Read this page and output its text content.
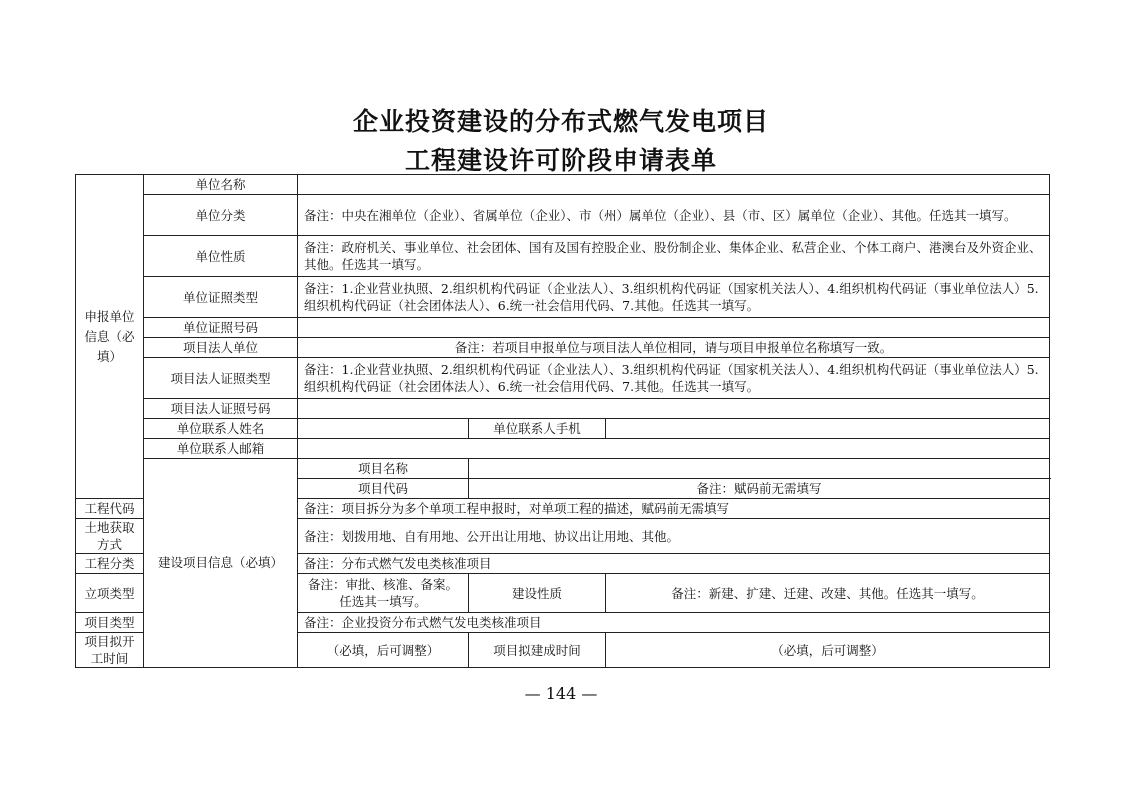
企业投资建设的分布式燃气发电项目
工程建设许可阶段申请表单
申报单位信息（必填）	单位名称			
	单位分类	备注：中央在湘单位（企业）、省属单位（企业）、市（州）属单位（企业）、县（市、区）属单位（企业）、其他。任选其一填写。		
	单位性质	备注：政府机关、事业单位、社会团体、国有及国有控股企业、股份制企业、集体企业、私营企业、个体工商户、港澳台及外资企业、其他。任选其一填写。		
	单位证照类型	备注：1.企业营业执照、2.组织机构代码证（企业法人）、3.组织机构代码证（国家机关法人）、4.组织机构代码证（事业单位法人）5.组织机构代码证（社会团体法人）、6.统一社会信用代码、7.其他。任选其一填写。		
	单位证照号码			
	项目法人单位	备注：若项目申报单位与项目法人单位相同，请与项目申报单位名称填写一致。		
	项目法人证照类型	备注：1.企业营业执照、2.组织机构代码证（企业法人）、3.组织机构代码证（国家机关法人）、4.组织机构代码证（事业单位法人）5.组织机构代码证（社会团体法人）、6.统一社会信用代码、7.其他。任选其一填写。		
	项目法人证照号码			
	单位联系人姓名		单位联系人手机	
	单位联系人邮箱			
	建设项目信息（必填）	项目名称		
		项目代码	备注：赋码前无需填写	
工程代码		备注：项目拆分为多个单项工程申报时，对单项工程的描述，赋码前无需填写		
土地获取方式		备注：划拨用地、自有用地、公开出让用地、协议出让用地、其他。		
工程分类		备注：分布式燃气发电类核准项目		
立项类型		备注：审批、核准、备案。任选其一填写。	建设性质	备注：新建、扩建、迁建、改建、其他。任选其一填写。
项目类型		备注：企业投资分布式燃气发电类核准项目		
项目拟开工时间		（必填，后可调整）	项目拟建成时间	（必填，后可调整）
— 144 —
